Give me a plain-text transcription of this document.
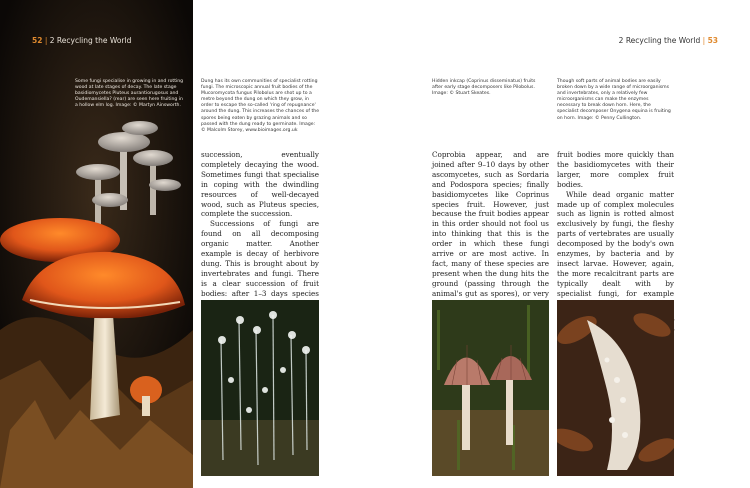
52 | 2 Recycling the World
Some fungi specialise in growing in and rotting wood at late stages of decay. The late stage basidiomycetes Pluteus aurantiorugosus and Oudemansiella? (rear) are seen here fruiting in a hollow elm log. Image: © Martyn Ainsworth.
Dung has its own communities of specialist rotting fungi. The microscopic annual fruit bodies of the Mucoromycota fungus Pilobolus are shot up to a metre beyond the dung on which they grow, in order to escape the so-called 'ring of repugnance' around the dung. This increases the chances of the spores being eaten by grazing animals and so passed with the dung ready to germinate. Image: © Malcolm Storey, www.bioimages.org.uk

succession, eventually completely decaying the wood. Sometimes fungi that specialise in coping with the dwindling resources of well-decayed wood, such as Pluteus species, complete the succession.

Successions of fungi are found on all decomposing organic matter. Another example is decay of herbivore dung. This is brought about by invertebrates and fungi. There is a clear succession of fruit bodies: after 1–3 days species

2 Recycling the World | 53
Hidden inkcap (Coprinus disseminatus) fruits after early stage decomposers like Pilobolus. Image: © Stuart Skeates.
Though soft parts of animal bodies are easily broken down by a wide range of microorganisms and invertebrates, only a relatively few microorganisms can make the enzymes necessary to break down horn. Here, the specialist decomposer Onygena equina is fruiting on horn. Image: © Penny Cullington.

Coprobia appear, and are joined after 9–10 days by other ascomycetes, such as Sordaria and Podospora species; finally basidiomycetes like Coprinus species fruit. However, just because the fruit bodies appear in this order should not fool us into thinking that this is the order in which these fungi arrive or are most active. In fact, many of these species are present when the dung hits the ground (passing through the animal's gut as spores), or very

fruit bodies more quickly than the basidiomycetes with their larger, more complex fruit bodies.

While dead organic matter made up of complex molecules such as lignin is rotted almost exclusively by fungi, the fleshy parts of vertebrates are usually decomposed by the body's own enzymes, by bacteria and by insect larvae. However, again, the more recalcitrant parts are typically dealt with by specialist fungi, for example
